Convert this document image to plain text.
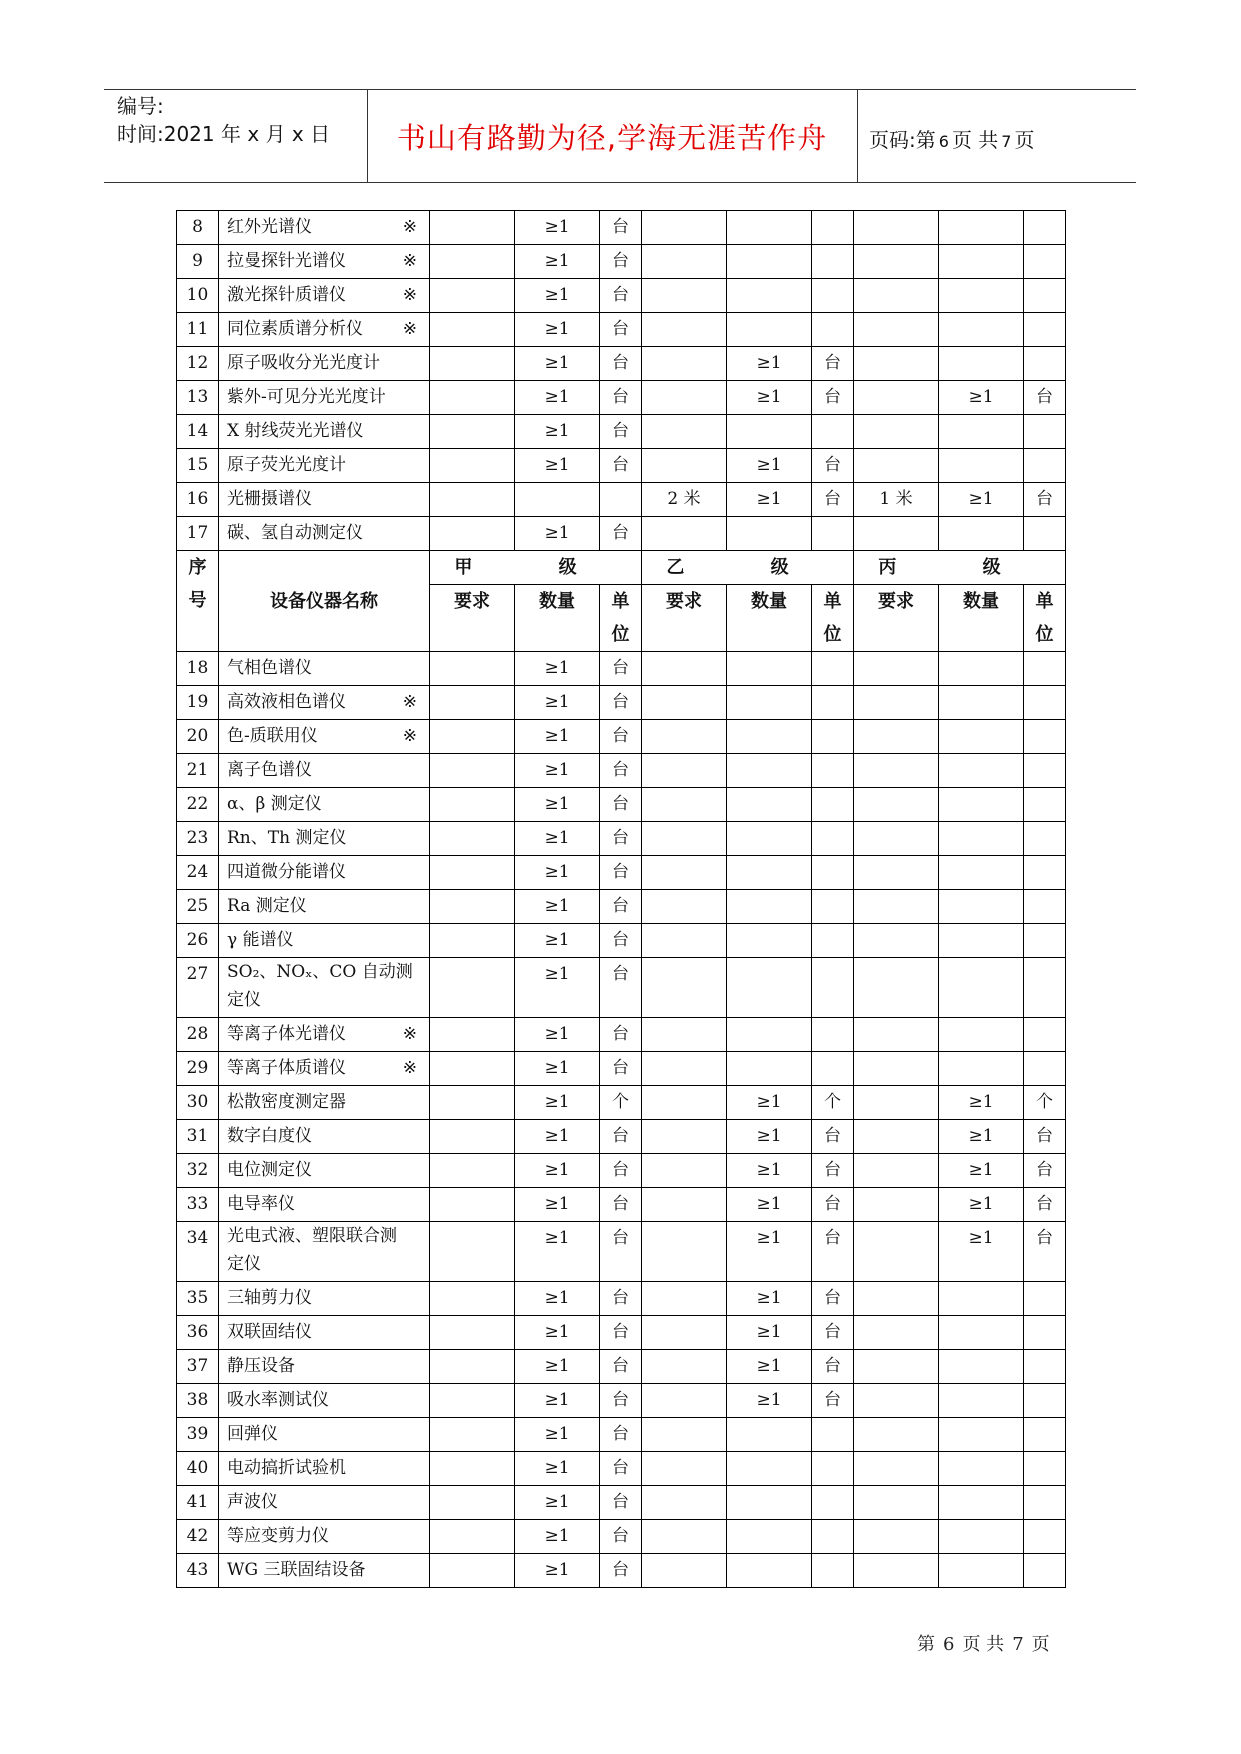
编号:
时间:2021 年 x 月 x 日	书山有路勤为径,学海无涯苦作舟	页码:第 6 页 共 7 页
8	红外光谱仪 ※		≥1	台						
9	拉曼探针光谱仪 ※		≥1	台						
10	激光探针质谱仪 ※		≥1	台						
11	同位素质谱分析仪 ※		≥1	台						
12	原子吸收分光光度计		≥1	台		≥1	台			
13	紫外-可见分光光度计		≥1	台		≥1	台		≥1	台
14	X 射线荧光光谱仪		≥1	台						
15	原子荧光光度计		≥1	台		≥1	台			
16	光栅摄谱仪				2 米	≥1	台	1 米	≥1	台
17	碳、氢自动测定仪		≥1	台						

序号	设备仪器名称	甲 级			乙 级			丙 级		
		要求	数量	单位	要求	数量	单位	要求	数量	单位

18	气相色谱仪		≥1	台						
19	高效液相色谱仪 ※		≥1	台						
20	色-质联用仪 ※		≥1	台						
21	离子色谱仪		≥1	台						
22	α、β 测定仪		≥1	台						
23	Rn、Th 测定仪		≥1	台						
24	四道微分能谱仪		≥1	台						
25	Ra 测定仪		≥1	台						
26	γ 能谱仪		≥1	台						
27	SO₂、NOₓ、CO 自动测
定仪		≥1	台						
28	等离子体光谱仪 ※		≥1	台						
29	等离子体质谱仪 ※		≥1	台						
30	松散密度测定器		≥1	个		≥1	个		≥1	个
31	数字白度仪		≥1	台		≥1	台		≥1	台
32	电位测定仪		≥1	台		≥1	台		≥1	台
33	电导率仪		≥1	台		≥1	台		≥1	台
34	光电式液、塑限联合测
定仪		≥1	台		≥1	台		≥1	台
35	三轴剪力仪		≥1	台		≥1	台			
36	双联固结仪		≥1	台		≥1	台			
37	静压设备		≥1	台		≥1	台			
38	吸水率测试仪		≥1	台		≥1	台			
39	回弹仪		≥1	台						
40	电动搞折试验机		≥1	台						
41	声波仪		≥1	台						
42	等应变剪力仪		≥1	台						
43	WG 三联固结设备		≥1	台						
第 6 页 共 7 页
